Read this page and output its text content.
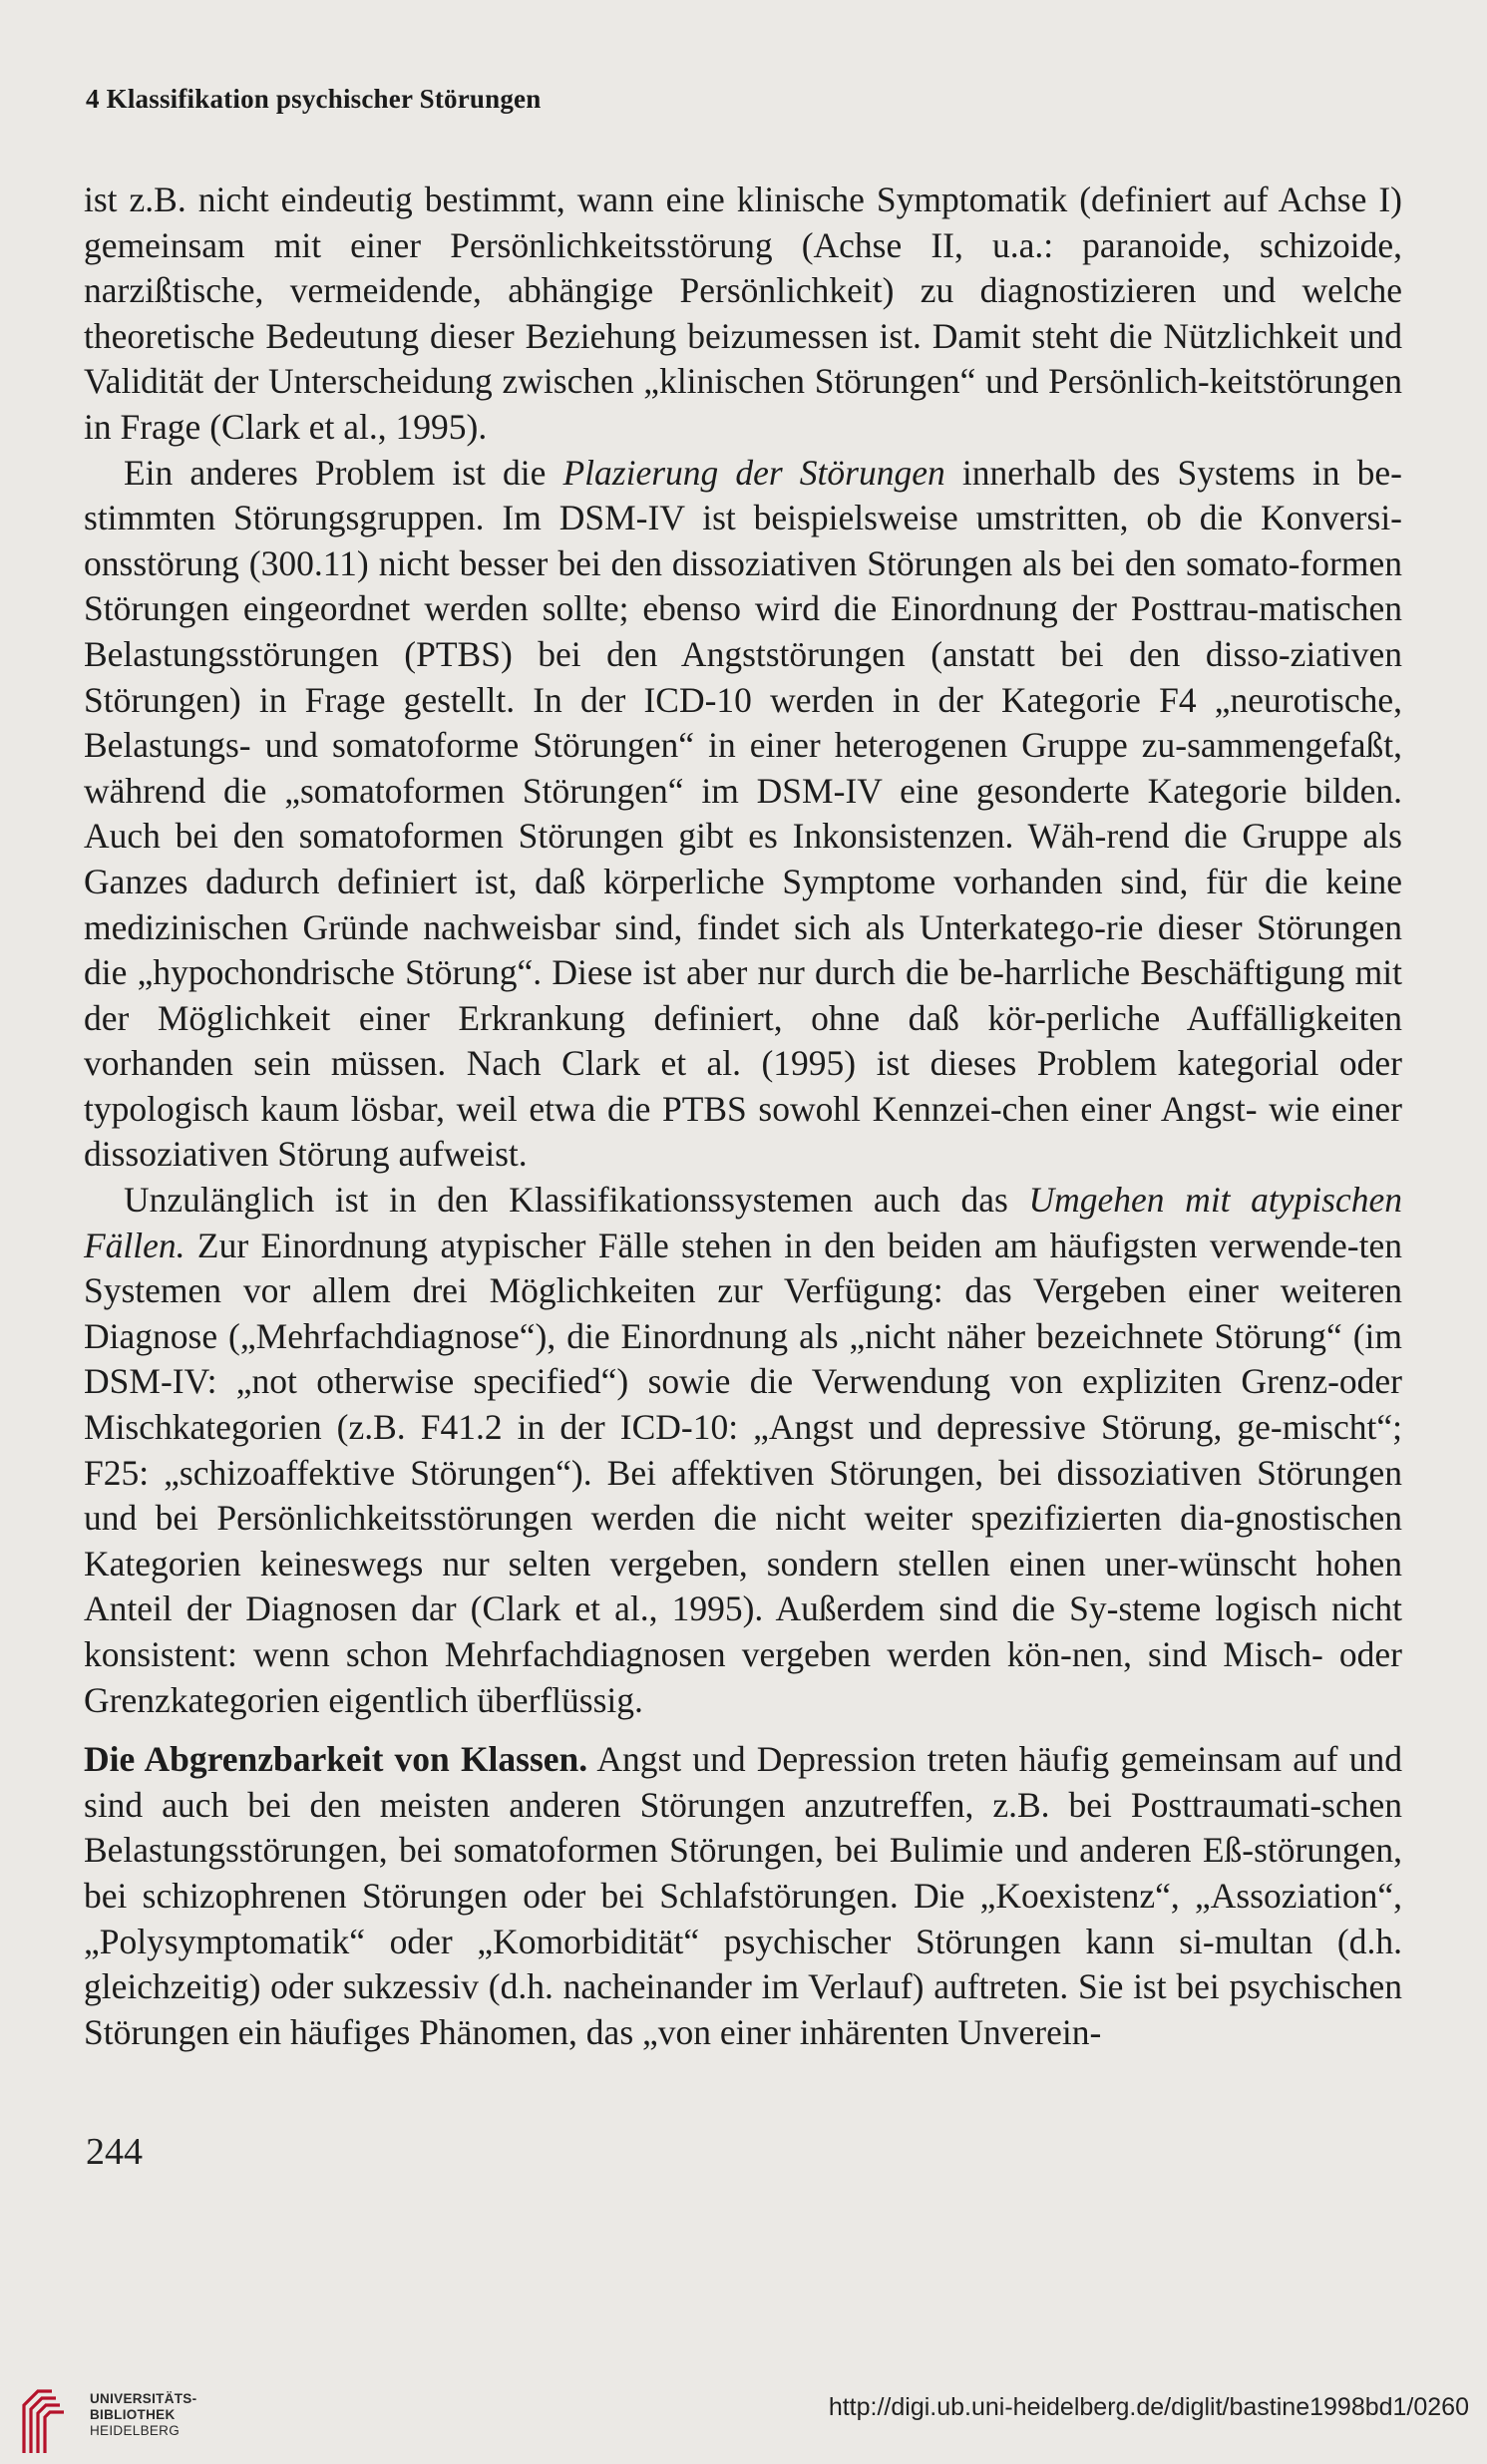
4 Klassifikation psychischer Störungen

ist z.B. nicht eindeutig bestimmt, wann eine klinische Symptomatik (definiert auf Achse I) gemeinsam mit einer Persönlichkeitsstörung (Achse II, u.a.: paranoide, schizoide, narzißtische, vermeidende, abhängige Persönlichkeit) zu diagnostizieren und welche theoretische Bedeutung dieser Beziehung beizumessen ist. Damit steht die Nützlichkeit und Validität der Unterscheidung zwischen „klinischen Störungen“ und Persönlich-keitstörungen in Frage (Clark et al., 1995).

Ein anderes Problem ist die Plazierung der Störungen innerhalb des Systems in be-stimmten Störungsgruppen. Im DSM-IV ist beispielsweise umstritten, ob die Konversi-onsstörung (300.11) nicht besser bei den dissoziativen Störungen als bei den somato-formen Störungen eingeordnet werden sollte; ebenso wird die Einordnung der Posttrau-matischen Belastungsstörungen (PTBS) bei den Angststörungen (anstatt bei den disso-ziativen Störungen) in Frage gestellt. In der ICD-10 werden in der Kategorie F4 „neurotische, Belastungs- und somatoforme Störungen“ in einer heterogenen Gruppe zu-sammengefaßt, während die „somatoformen Störungen“ im DSM-IV eine gesonderte Kategorie bilden. Auch bei den somatoformen Störungen gibt es Inkonsistenzen. Wäh-rend die Gruppe als Ganzes dadurch definiert ist, daß körperliche Symptome vorhanden sind, für die keine medizinischen Gründe nachweisbar sind, findet sich als Unterkatego-rie dieser Störungen die „hypochondrische Störung“. Diese ist aber nur durch die be-harrliche Beschäftigung mit der Möglichkeit einer Erkrankung definiert, ohne daß kör-perliche Auffälligkeiten vorhanden sein müssen. Nach Clark et al. (1995) ist dieses Problem kategorial oder typologisch kaum lösbar, weil etwa die PTBS sowohl Kennzei-chen einer Angst- wie einer dissoziativen Störung aufweist.

Unzulänglich ist in den Klassifikationssystemen auch das Umgehen mit atypischen Fällen. Zur Einordnung atypischer Fälle stehen in den beiden am häufigsten verwende-ten Systemen vor allem drei Möglichkeiten zur Verfügung: das Vergeben einer weiteren Diagnose („Mehrfachdiagnose“), die Einordnung als „nicht näher bezeichnete Störung“ (im DSM-IV: „not otherwise specified“) sowie die Verwendung von expliziten Grenz-oder Mischkategorien (z.B. F41.2 in der ICD-10: „Angst und depressive Störung, ge-mischt“; F25: „schizoaffektive Störungen“). Bei affektiven Störungen, bei dissoziativen Störungen und bei Persönlichkeitsstörungen werden die nicht weiter spezifizierten dia-gnostischen Kategorien keineswegs nur selten vergeben, sondern stellen einen uner-wünscht hohen Anteil der Diagnosen dar (Clark et al., 1995). Außerdem sind die Sy-steme logisch nicht konsistent: wenn schon Mehrfachdiagnosen vergeben werden kön-nen, sind Misch- oder Grenzkategorien eigentlich überflüssig.

Die Abgrenzbarkeit von Klassen. Angst und Depression treten häufig gemeinsam auf und sind auch bei den meisten anderen Störungen anzutreffen, z.B. bei Posttraumati-schen Belastungsstörungen, bei somatoformen Störungen, bei Bulimie und anderen Eß-störungen, bei schizophrenen Störungen oder bei Schlafstörungen. Die „Koexistenz“, „Assoziation“, „Polysymptomatik“ oder „Komorbidität“ psychischer Störungen kann si-multan (d.h. gleichzeitig) oder sukzessiv (d.h. nacheinander im Verlauf) auftreten. Sie ist bei psychischen Störungen ein häufiges Phänomen, das „von einer inhärenten Unverein-

244
UNIVERSITÄTS-
BIBLIOTHEK
HEIDELBERG
http://digi.ub.uni-heidelberg.de/diglit/bastine1998bd1/0260
